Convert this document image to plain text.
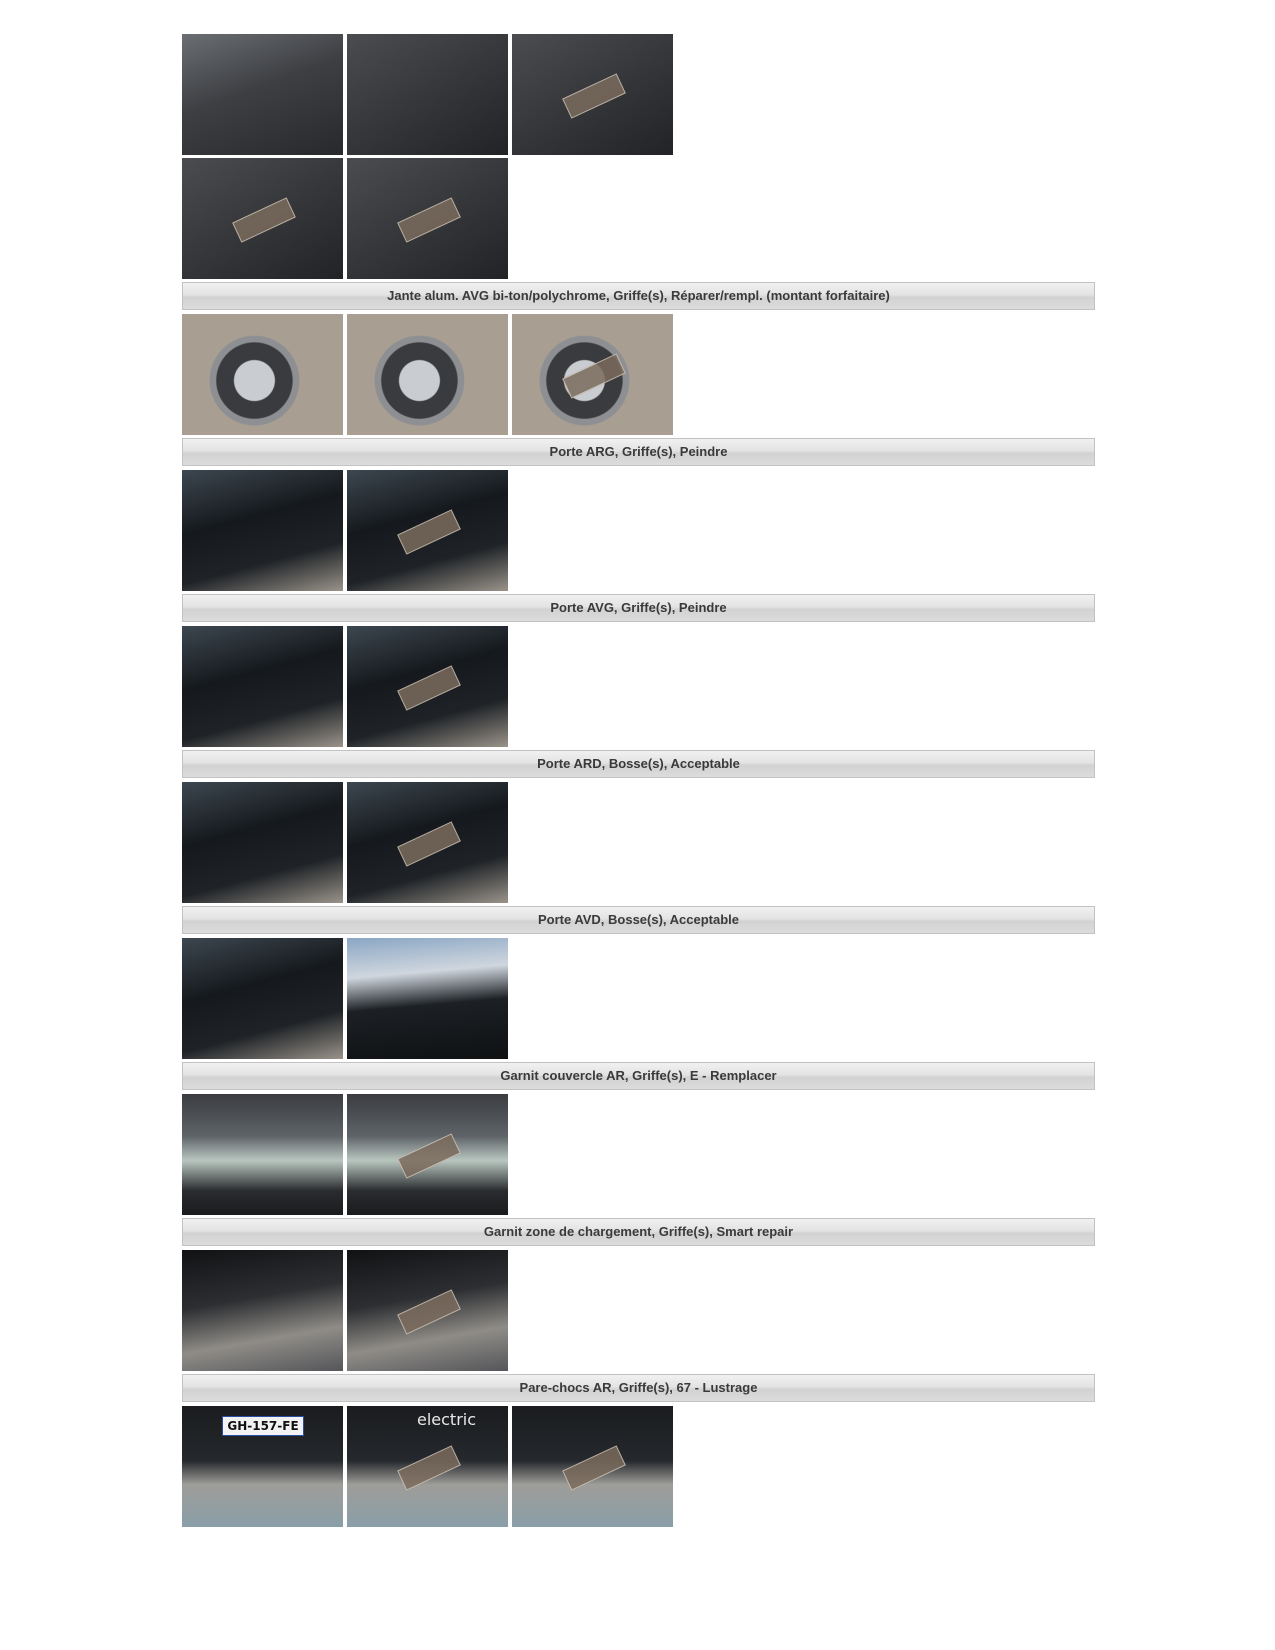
Jante alum. AVG bi-ton/polychrome, Griffe(s), Réparer/rempl. (montant forfaitaire)
Porte ARG, Griffe(s), Peindre
Porte AVG, Griffe(s), Peindre
Porte ARD, Bosse(s), Acceptable
Porte AVD, Bosse(s), Acceptable
Garnit couvercle AR, Griffe(s), E - Remplacer
Garnit zone de chargement, Griffe(s), Smart repair
Pare-chocs AR, Griffe(s), 67 - Lustrage
GH-157-FE	electric
